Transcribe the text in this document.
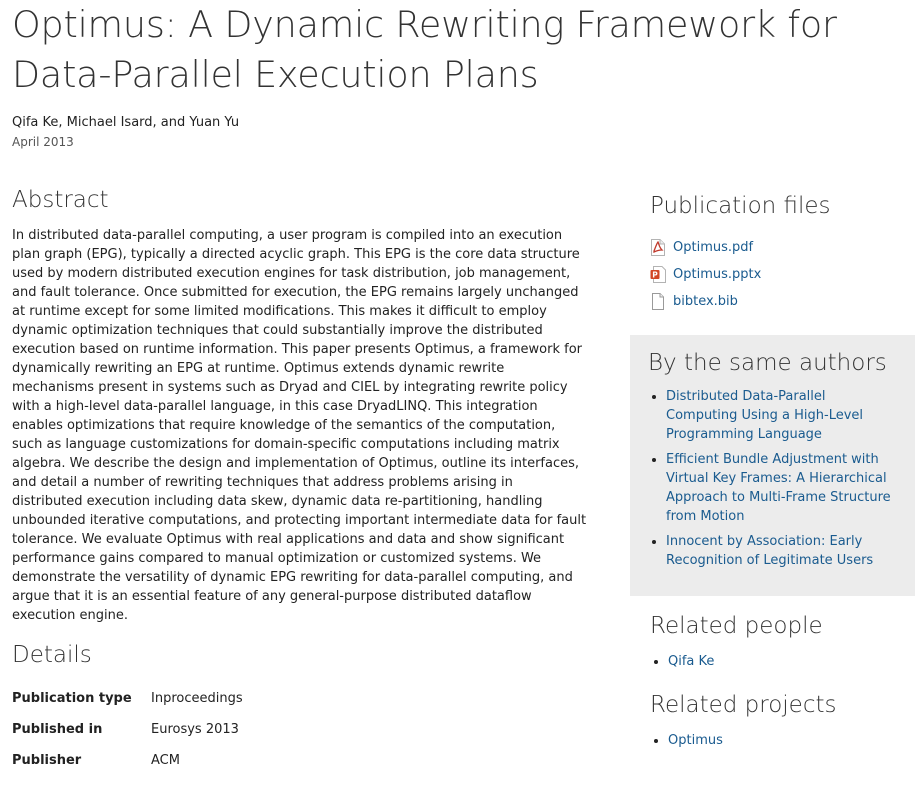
Optimus: A Dynamic Rewriting Framework for Data-Parallel Execution Plans
Qifa Ke, Michael Isard, and Yuan Yu
April 2013
Abstract

In distributed data-parallel computing, a user program is compiled into an execution plan graph (EPG), typically a directed acyclic graph. This EPG is the core data structure used by modern distributed execution engines for task distribution, job management, and fault tolerance. Once submitted for execution, the EPG remains largely unchanged at runtime except for some limited modifications. This makes it difficult to employ dynamic optimization techniques that could substantially improve the distributed execution based on runtime information. This paper presents Optimus, a framework for dynamically rewriting an EPG at runtime. Optimus extends dynamic rewrite mechanisms present in systems such as Dryad and CIEL by integrating rewrite policy with a high-level data-parallel language, in this case DryadLINQ. This integration enables optimizations that require knowledge of the semantics of the computation, such as language customizations for domain-specific computations including matrix algebra. We describe the design and implementation of Optimus, outline its interfaces, and detail a number of rewriting techniques that address problems arising in distributed execution including data skew, dynamic data re-partitioning, handling unbounded iterative computations, and protecting important intermediate data for fault tolerance. We evaluate Optimus with real applications and data and show significant performance gains compared to manual optimization or customized systems. We demonstrate the versatility of dynamic EPG rewriting for data-parallel computing, and argue that it is an essential feature of any general-purpose distributed dataflow execution engine.

Details
Publication type	Inproceedings
Published in	Eurosys 2013
Publisher	ACM
Publication files
Optimus.pdf
P Optimus.pptx
bibtex.bib
By the same authors
• Distributed Data-Parallel Computing Using a High-Level Programming Language
• Efficient Bundle Adjustment with Virtual Key Frames: A Hierarchical Approach to Multi-Frame Structure from Motion
• Innocent by Association: Early Recognition of Legitimate Users
Related people
• Qifa Ke
Related projects
• Optimus
